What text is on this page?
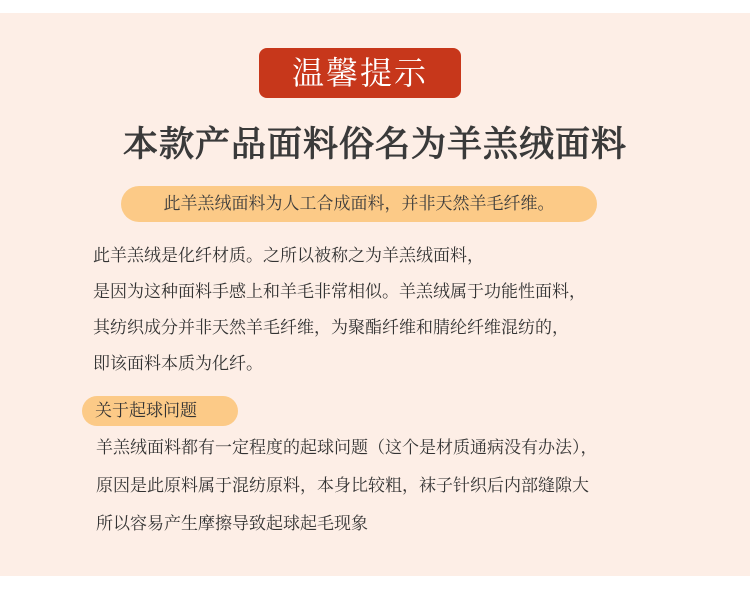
温馨提示
本款产品面料俗名为羊羔绒面料
此羊羔绒面料为人工合成面料，并非天然羊毛纤维。
此羊羔绒是化纤材质。之所以被称之为羊羔绒面料，
是因为这种面料手感上和羊毛非常相似。羊羔绒属于功能性面料，
其纺织成分并非天然羊毛纤维，为聚酯纤维和腈纶纤维混纺的，
即该面料本质为化纤。
关于起球问题
羊羔绒面料都有一定程度的起球问题（这个是材质通病没有办法），
原因是此原料属于混纺原料，本身比较粗，袜子针织后内部缝隙大
所以容易产生摩擦导致起球起毛现象
